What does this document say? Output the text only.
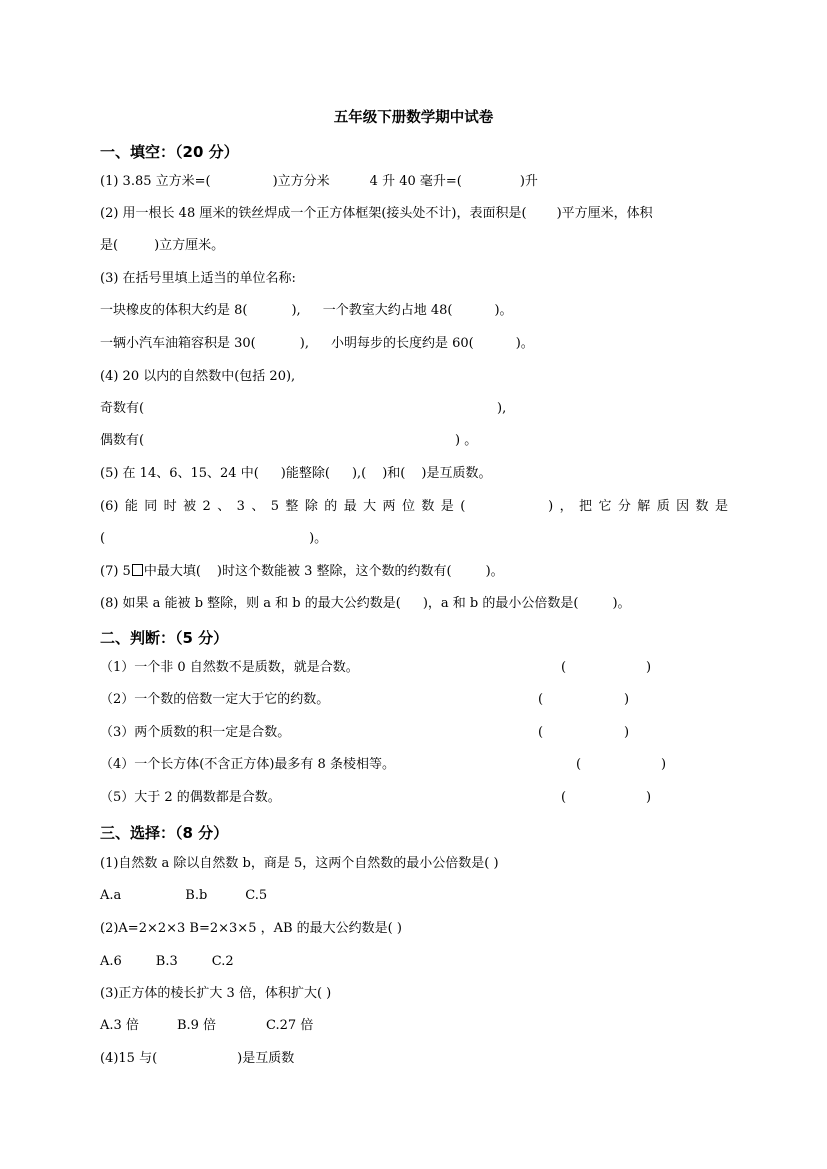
五年级下册数学期中试卷
一、填空：（20 分）
(1) 3.85 立方米=(	)立方分米	4 升 40 毫升=(	)升
(2) 用一根长 48 厘米的铁丝焊成一个正方体框架(接头处不计)，表面积是( )平方厘米，体积
是(	)立方厘米。
(3) 在括号里填上适当的单位名称:
一块橡皮的体积大约是 8(	), 一个教室大约占地 48(	)。
一辆小汽车油箱容积是 30(	), 小明每步的长度约是 60(	)。
(4) 20 以内的自然数中(包括 20),
奇数有(	),
偶数有(	) 。
(5) 在 14、6、15、24 中( )能整除( ),( )和( )是互质数。
(6) 能 同 时 被 2 、 3 、 5 整 除 的 最 大 两 位 数 是 (	) ， 把 它 分 解 质 因 数 是
(	)。
(7) 5 中最大填( )时这个数能被 3 整除，这个数的约数有(	)。
(8) 如果 a 能被 b 整除，则 a 和 b 的最大公约数是( )，a 和 b 的最小公倍数是(	)。
二、判断：（5 分）
（1）一个非 0 自然数不是质数，就是合数。	(	)
（2）一个数的倍数一定大于它的约数。	(	)
（3）两个质数的积一定是合数。	(	)
（4）一个长方体(不含正方体)最多有 8 条棱相等。	(	)
（5）大于 2 的偶数都是合数。	(	)
三、选择：（8 分）
(1)自然数 a 除以自然数 b，商是 5，这两个自然数的最小公倍数是( )
A.a	B.b	C.5
(2)A=2×2×3 B=2×3×5 ，AB 的最大公约数是( )
A.6	B.3	C.2
(3)正方体的棱长扩大 3 倍，体积扩大( )
A.3 倍	B.9 倍	C.27 倍
(4)15 与(	)是互质数
